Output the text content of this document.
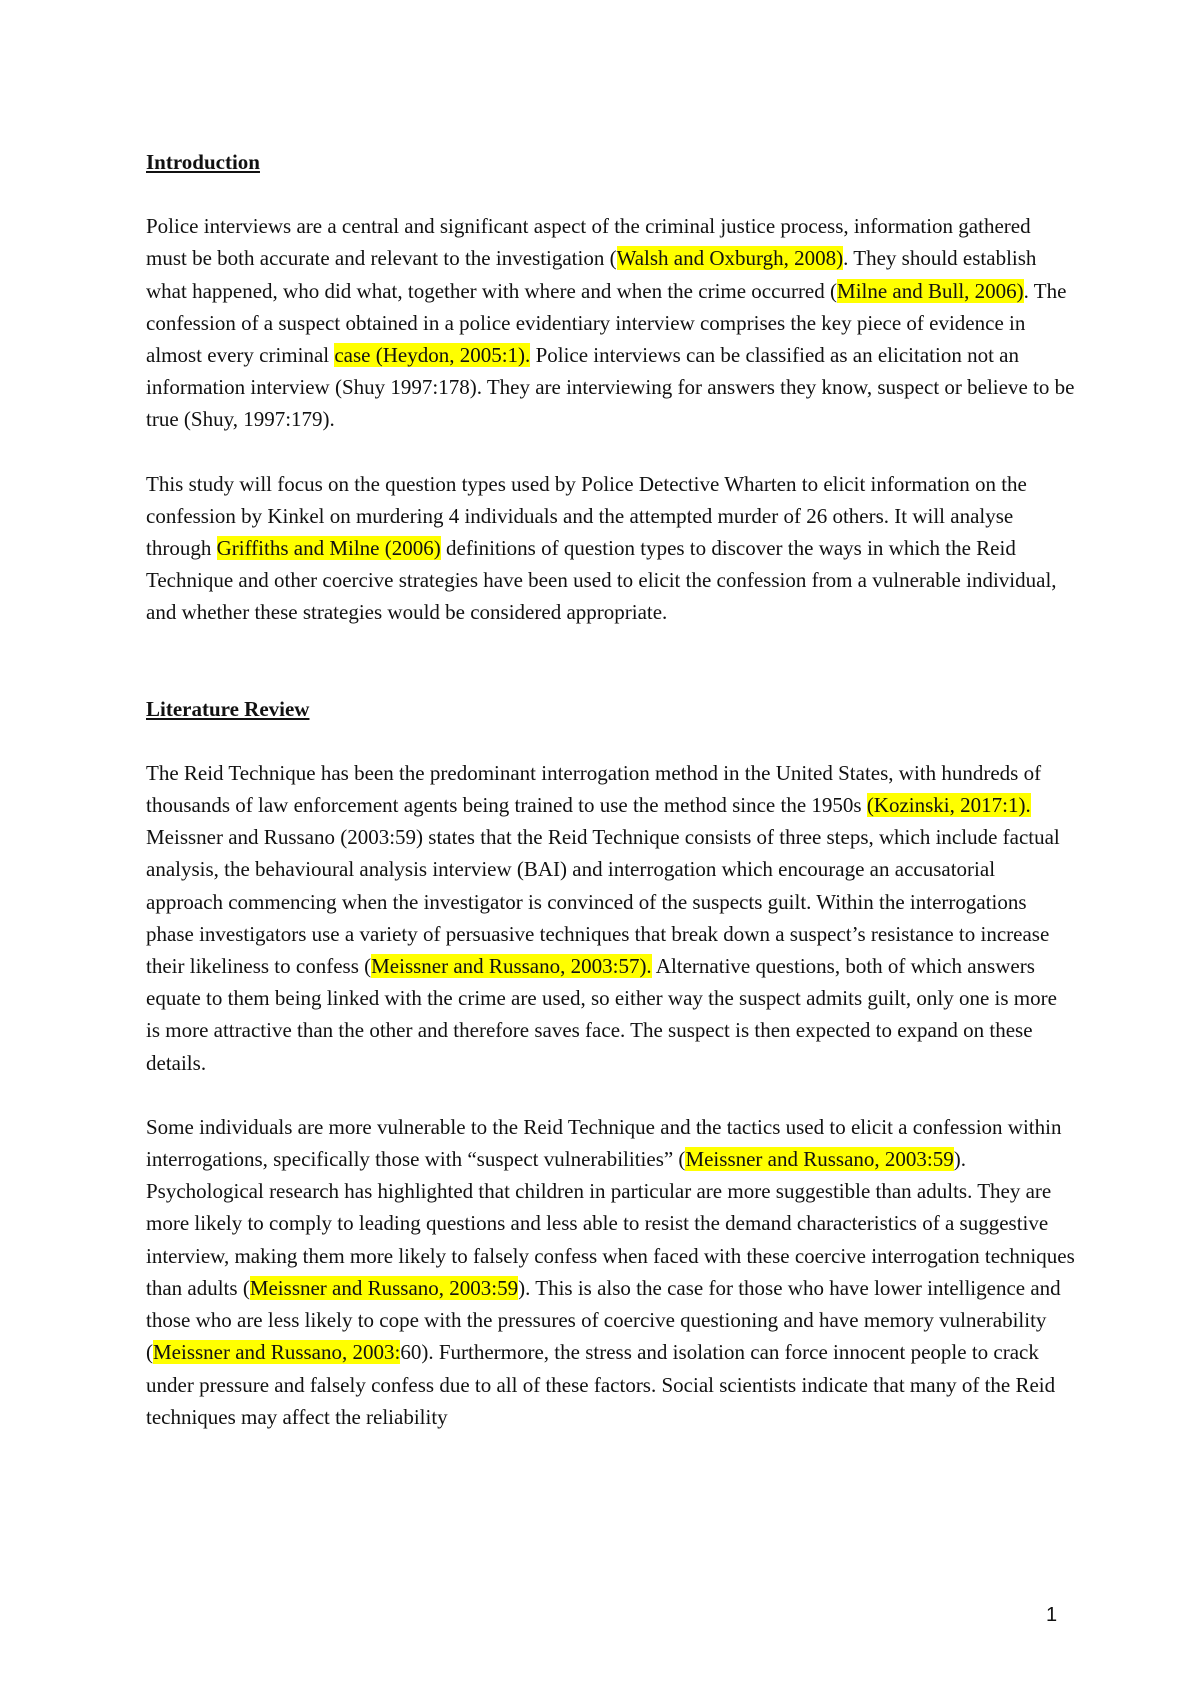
Introduction

Police interviews are a central and significant aspect of the criminal justice process, information gathered must be both accurate and relevant to the investigation (Walsh and Oxburgh, 2008). They should establish what happened, who did what, together with where and when the crime occurred (Milne and Bull, 2006). The confession of a suspect obtained in a police evidentiary interview comprises the key piece of evidence in almost every criminal case (Heydon, 2005:1). Police interviews can be classified as an elicitation not an information interview (Shuy 1997:178). They are interviewing for answers they know, suspect or believe to be true (Shuy, 1997:179).

This study will focus on the question types used by Police Detective Wharten to elicit information on the confession by Kinkel on murdering 4 individuals and the attempted murder of 26 others. It will analyse through Griffiths and Milne (2006) definitions of question types to discover the ways in which the Reid Technique and other coercive strategies have been used to elicit the confession from a vulnerable individual, and whether these strategies would be considered appropriate.

Literature Review

The Reid Technique has been the predominant interrogation method in the United States, with hundreds of thousands of law enforcement agents being trained to use the method since the 1950s (Kozinski, 2017:1). Meissner and Russano (2003:59) states that the Reid Technique consists of three steps, which include factual analysis, the behavioural analysis interview (BAI) and interrogation which encourage an accusatorial approach commencing when the investigator is convinced of the suspects guilt. Within the interrogations phase investigators use a variety of persuasive techniques that break down a suspect’s resistance to increase their likeliness to confess (Meissner and Russano, 2003:57). Alternative questions, both of which answers equate to them being linked with the crime are used, so either way the suspect admits guilt, only one is more is more attractive than the other and therefore saves face. The suspect is then expected to expand on these details.

Some individuals are more vulnerable to the Reid Technique and the tactics used to elicit a confession within interrogations, specifically those with “suspect vulnerabilities” (Meissner and Russano, 2003:59). Psychological research has highlighted that children in particular are more suggestible than adults. They are more likely to comply to leading questions and less able to resist the demand characteristics of a suggestive interview, making them more likely to falsely confess when faced with these coercive interrogation techniques than adults (Meissner and Russano, 2003:59). This is also the case for those who have lower intelligence and those who are less likely to cope with the pressures of coercive questioning and have memory vulnerability (Meissner and Russano, 2003:60). Furthermore, the stress and isolation can force innocent people to crack under pressure and falsely confess due to all of these factors. Social scientists indicate that many of the Reid techniques may affect the reliability

1
